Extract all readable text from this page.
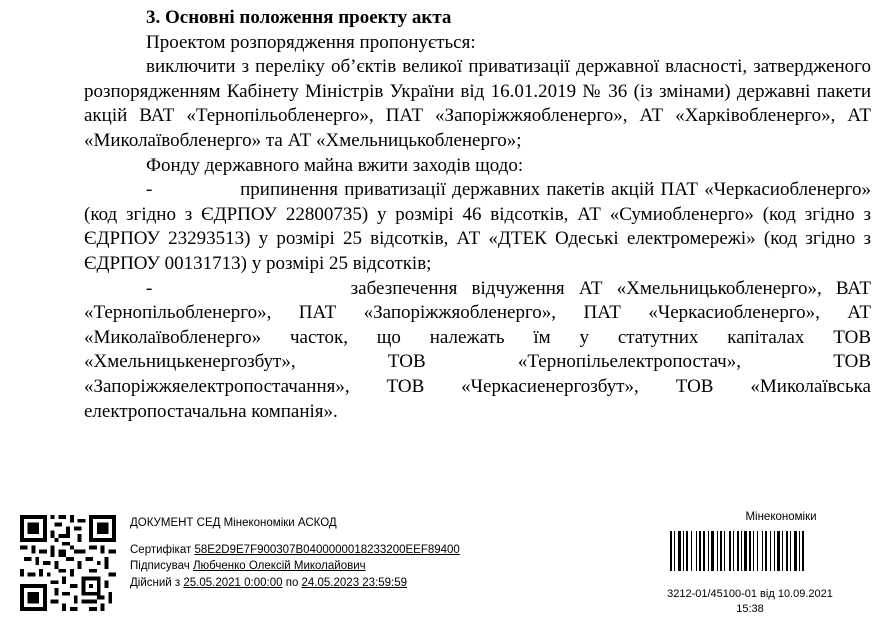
3. Основні положення проекту акта

Проектом розпорядження пропонується:

виключити з переліку об’єктів великої приватизації державної власності, затвердженого розпорядженням Кабінету Міністрів України від 16.01.2019 № 36 (із змінами) державні пакети акцій ВАТ «Тернопільобленерго», ПАТ «Запоріжжяобленерго», АТ «Харківобленерго», АТ «Миколаївобленерго» та АТ «Хмельницькобленерго»;

Фонду державного майна вжити заходів щодо:

-              припинення приватизації державних пакетів акцій ПАТ «Черкасиобленерго» (код згідно з ЄДРПОУ 22800735) у розмірі 46 відсотків, АТ «Сумиобленерго» (код згідно з ЄДРПОУ 23293513) у розмірі 25 відсотків, АТ «ДТЕК Одеські електромережі» (код згідно з ЄДРПОУ 00131713) у розмірі 25 відсотків;

-              забезпечення відчуження АТ «Хмельницькобленерго», ВАТ «Тернопільобленерго», ПАТ «Запоріжжяобленерго», ПАТ «Черкасиобленерго», АТ «Миколаївобленерго» часток, що належать їм у статутних капіталах ТОВ «Хмельницькенергозбут», ТОВ «Тернопільелектропостач», ТОВ «Запоріжжяелектропостачання», ТОВ «Черкасиенергозбут», ТОВ «Миколаївська електропостачальна компанія».

ДОКУМЕНТ СЕД Мінекономіки АСКОД
Сертифікат 58E2D9E7F900307B0400000018233200EEF89400
Підписувач Любченко Олексій Миколайович
Дійсний з 25.05.2021 0:00:00 по 24.05.2023 23:59:59
Мінекономіки
3212-01/45100-01 від 10.09.2021
15:38
